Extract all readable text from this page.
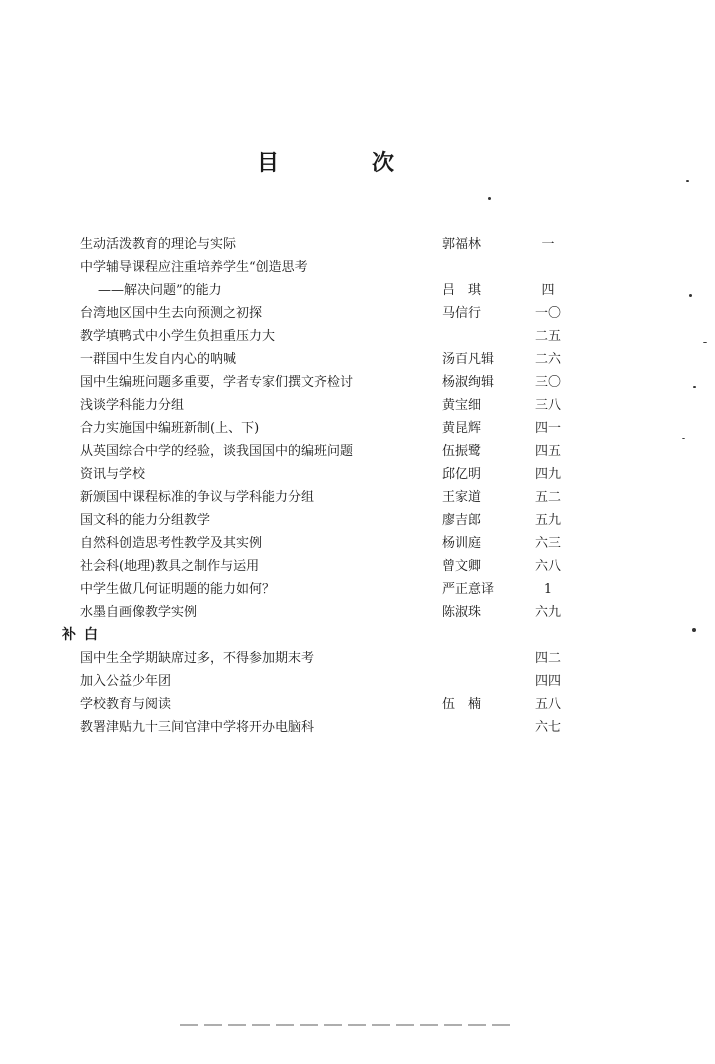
目	次
生动活泼教育的理论与实际	郭福林	一
中学辅导课程应注重培养学生“创造思考
——解决问题”的能力	吕　琪	四
台湾地区国中生去向预测之初探	马信行	一〇
教学填鸭式中小学生负担重压力大	二五
一群国中生发自内心的呐喊	汤百凡辑	二六
国中生编班问题多重要，学者专家们撰文齐检讨	杨淑绚辑	三〇
浅谈学科能力分组	黄宝细	三八
合力实施国中编班新制(上、下)	黄昆辉	四一
从英国综合中学的经验，谈我国国中的编班问题	伍振鹭	四五
资讯与学校	邱亿明	四九
新颁国中课程标准的争议与学科能力分组	王家道	五二
国文科的能力分组教学	廖吉郎	五九
自然科创造思考性教学及其实例	杨训庭	六三
社会科(地理)教具之制作与运用	曾文卿	六八
中学生做几何证明题的能力如何？	严正意译	1
水墨自画像教学实例	陈淑珠	六九
补白
国中生全学期缺席过多，不得参加期末考	四二
加入公益少年团	四四
学校教育与阅读	伍　楠	五八
教署津贴九十三间官津中学将开办电脑科	六七
